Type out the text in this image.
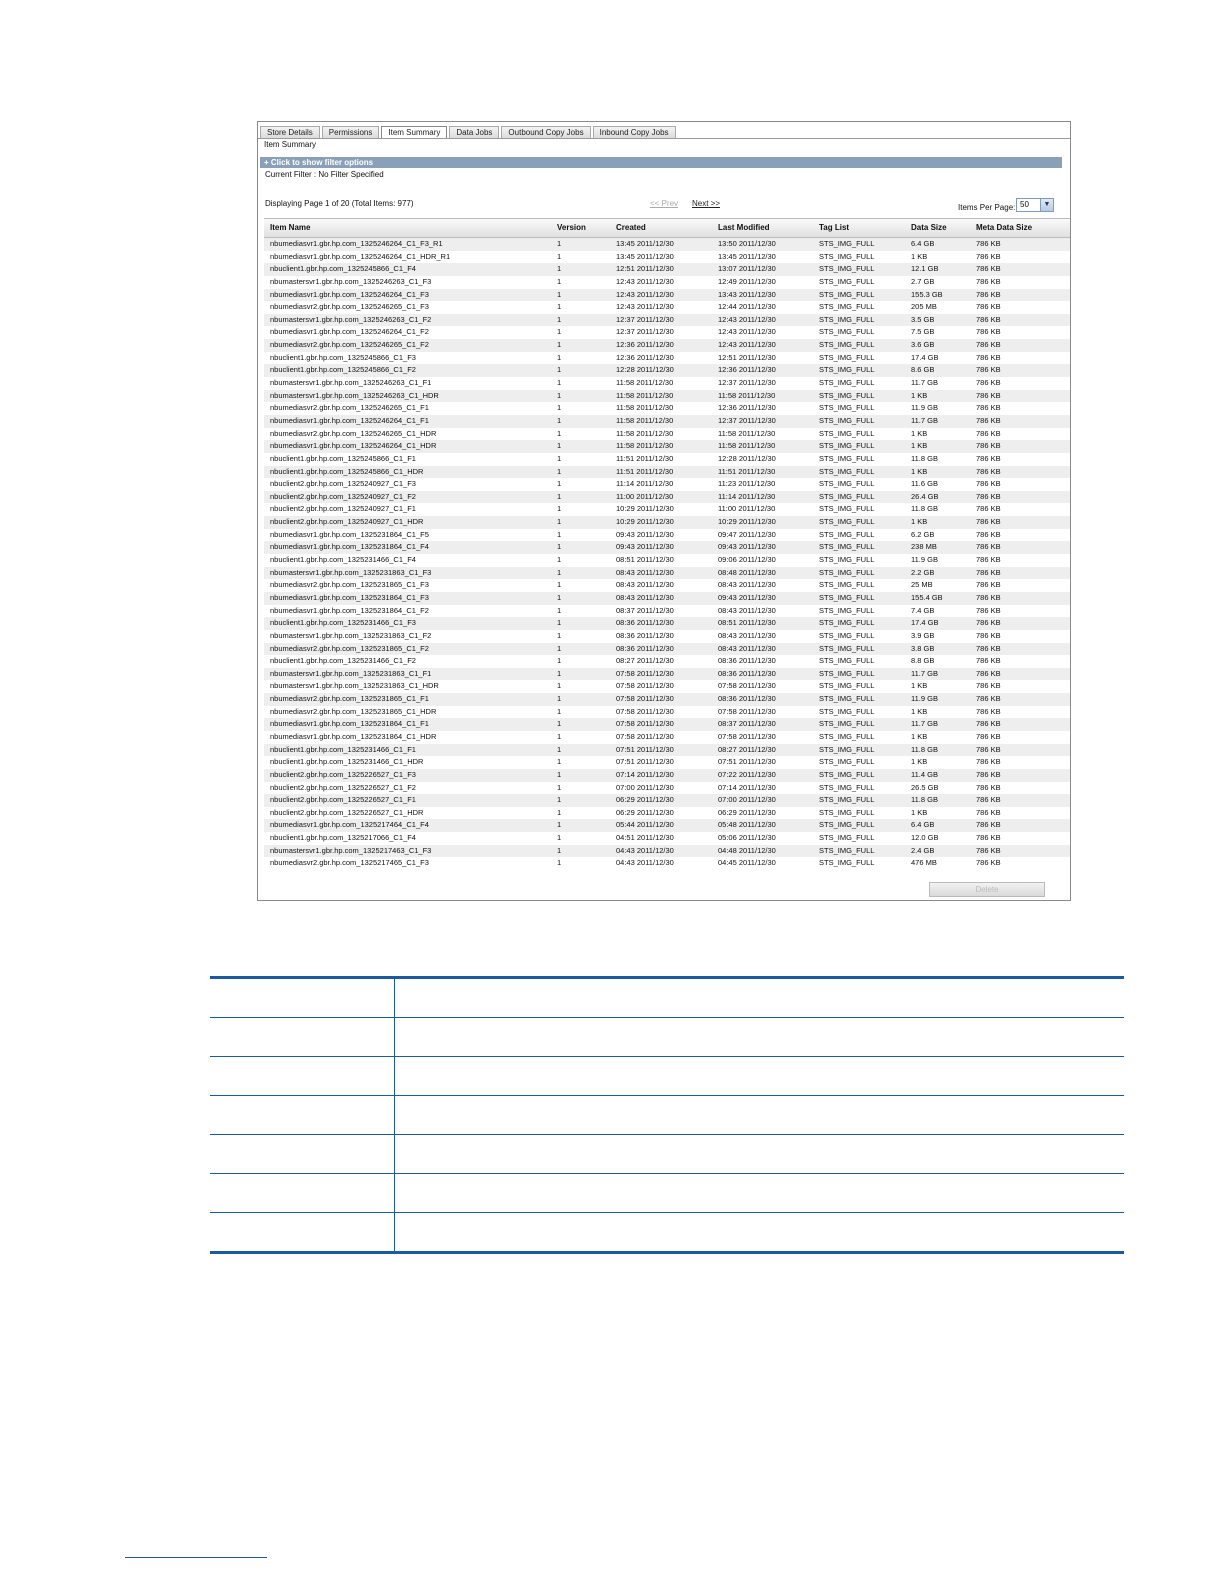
Store Details	Permissions	Item Summary	Data Jobs	Outbound Copy Jobs	Inbound Copy Jobs
Item Summary
+ Click to show filter options
Current Filter : No Filter Specified
Displaying Page 1 of 20 (Total Items: 977)	<< Prev Next >>	Items Per Page: 50	▼
Item Name	Version	Created	Last Modified	Tag List	Data Size	Meta Data Size
nbumediasvr1.gbr.hp.com_1325246264_C1_F3_R1	1	13:45 2011/12/30	13:50 2011/12/30	STS_IMG_FULL	6.4 GB	786 KB
nbumediasvr1.gbr.hp.com_1325246264_C1_HDR_R1	1	13:45 2011/12/30	13:45 2011/12/30	STS_IMG_FULL	1 KB	786 KB
nbuclient1.gbr.hp.com_1325245866_C1_F4	1	12:51 2011/12/30	13:07 2011/12/30	STS_IMG_FULL	12.1 GB	786 KB
nbumastersvr1.gbr.hp.com_1325246263_C1_F3	1	12:43 2011/12/30	12:49 2011/12/30	STS_IMG_FULL	2.7 GB	786 KB
nbumediasvr1.gbr.hp.com_1325246264_C1_F3	1	12:43 2011/12/30	13:43 2011/12/30	STS_IMG_FULL	155.3 GB	786 KB
nbumediasvr2.gbr.hp.com_1325246265_C1_F3	1	12:43 2011/12/30	12:44 2011/12/30	STS_IMG_FULL	205 MB	786 KB
nbumastersvr1.gbr.hp.com_1325246263_C1_F2	1	12:37 2011/12/30	12:43 2011/12/30	STS_IMG_FULL	3.5 GB	786 KB
nbumediasvr1.gbr.hp.com_1325246264_C1_F2	1	12:37 2011/12/30	12:43 2011/12/30	STS_IMG_FULL	7.5 GB	786 KB
nbumediasvr2.gbr.hp.com_1325246265_C1_F2	1	12:36 2011/12/30	12:43 2011/12/30	STS_IMG_FULL	3.6 GB	786 KB
nbuclient1.gbr.hp.com_1325245866_C1_F3	1	12:36 2011/12/30	12:51 2011/12/30	STS_IMG_FULL	17.4 GB	786 KB
nbuclient1.gbr.hp.com_1325245866_C1_F2	1	12:28 2011/12/30	12:36 2011/12/30	STS_IMG_FULL	8.6 GB	786 KB
nbumastersvr1.gbr.hp.com_1325246263_C1_F1	1	11:58 2011/12/30	12:37 2011/12/30	STS_IMG_FULL	11.7 GB	786 KB
nbumastersvr1.gbr.hp.com_1325246263_C1_HDR	1	11:58 2011/12/30	11:58 2011/12/30	STS_IMG_FULL	1 KB	786 KB
nbumediasvr2.gbr.hp.com_1325246265_C1_F1	1	11:58 2011/12/30	12:36 2011/12/30	STS_IMG_FULL	11.9 GB	786 KB
nbumediasvr1.gbr.hp.com_1325246264_C1_F1	1	11:58 2011/12/30	12:37 2011/12/30	STS_IMG_FULL	11.7 GB	786 KB
nbumediasvr2.gbr.hp.com_1325246265_C1_HDR	1	11:58 2011/12/30	11:58 2011/12/30	STS_IMG_FULL	1 KB	786 KB
nbumediasvr1.gbr.hp.com_1325246264_C1_HDR	1	11:58 2011/12/30	11:58 2011/12/30	STS_IMG_FULL	1 KB	786 KB
nbuclient1.gbr.hp.com_1325245866_C1_F1	1	11:51 2011/12/30	12:28 2011/12/30	STS_IMG_FULL	11.8 GB	786 KB
nbuclient1.gbr.hp.com_1325245866_C1_HDR	1	11:51 2011/12/30	11:51 2011/12/30	STS_IMG_FULL	1 KB	786 KB
nbuclient2.gbr.hp.com_1325240927_C1_F3	1	11:14 2011/12/30	11:23 2011/12/30	STS_IMG_FULL	11.6 GB	786 KB
nbuclient2.gbr.hp.com_1325240927_C1_F2	1	11:00 2011/12/30	11:14 2011/12/30	STS_IMG_FULL	26.4 GB	786 KB
nbuclient2.gbr.hp.com_1325240927_C1_F1	1	10:29 2011/12/30	11:00 2011/12/30	STS_IMG_FULL	11.8 GB	786 KB
nbuclient2.gbr.hp.com_1325240927_C1_HDR	1	10:29 2011/12/30	10:29 2011/12/30	STS_IMG_FULL	1 KB	786 KB
nbumediasvr1.gbr.hp.com_1325231864_C1_F5	1	09:43 2011/12/30	09:47 2011/12/30	STS_IMG_FULL	6.2 GB	786 KB
nbumediasvr1.gbr.hp.com_1325231864_C1_F4	1	09:43 2011/12/30	09:43 2011/12/30	STS_IMG_FULL	238 MB	786 KB
nbuclient1.gbr.hp.com_1325231466_C1_F4	1	08:51 2011/12/30	09:06 2011/12/30	STS_IMG_FULL	11.9 GB	786 KB
nbumastersvr1.gbr.hp.com_1325231863_C1_F3	1	08:43 2011/12/30	08:48 2011/12/30	STS_IMG_FULL	2.2 GB	786 KB
nbumediasvr2.gbr.hp.com_1325231865_C1_F3	1	08:43 2011/12/30	08:43 2011/12/30	STS_IMG_FULL	25 MB	786 KB
nbumediasvr1.gbr.hp.com_1325231864_C1_F3	1	08:43 2011/12/30	09:43 2011/12/30	STS_IMG_FULL	155.4 GB	786 KB
nbumediasvr1.gbr.hp.com_1325231864_C1_F2	1	08:37 2011/12/30	08:43 2011/12/30	STS_IMG_FULL	7.4 GB	786 KB
nbuclient1.gbr.hp.com_1325231466_C1_F3	1	08:36 2011/12/30	08:51 2011/12/30	STS_IMG_FULL	17.4 GB	786 KB
nbumastersvr1.gbr.hp.com_1325231863_C1_F2	1	08:36 2011/12/30	08:43 2011/12/30	STS_IMG_FULL	3.9 GB	786 KB
nbumediasvr2.gbr.hp.com_1325231865_C1_F2	1	08:36 2011/12/30	08:43 2011/12/30	STS_IMG_FULL	3.8 GB	786 KB
nbuclient1.gbr.hp.com_1325231466_C1_F2	1	08:27 2011/12/30	08:36 2011/12/30	STS_IMG_FULL	8.8 GB	786 KB
nbumastersvr1.gbr.hp.com_1325231863_C1_F1	1	07:58 2011/12/30	08:36 2011/12/30	STS_IMG_FULL	11.7 GB	786 KB
nbumastersvr1.gbr.hp.com_1325231863_C1_HDR	1	07:58 2011/12/30	07:58 2011/12/30	STS_IMG_FULL	1 KB	786 KB
nbumediasvr2.gbr.hp.com_1325231865_C1_F1	1	07:58 2011/12/30	08:36 2011/12/30	STS_IMG_FULL	11.9 GB	786 KB
nbumediasvr2.gbr.hp.com_1325231865_C1_HDR	1	07:58 2011/12/30	07:58 2011/12/30	STS_IMG_FULL	1 KB	786 KB
nbumediasvr1.gbr.hp.com_1325231864_C1_F1	1	07:58 2011/12/30	08:37 2011/12/30	STS_IMG_FULL	11.7 GB	786 KB
nbumediasvr1.gbr.hp.com_1325231864_C1_HDR	1	07:58 2011/12/30	07:58 2011/12/30	STS_IMG_FULL	1 KB	786 KB
nbuclient1.gbr.hp.com_1325231466_C1_F1	1	07:51 2011/12/30	08:27 2011/12/30	STS_IMG_FULL	11.8 GB	786 KB
nbuclient1.gbr.hp.com_1325231466_C1_HDR	1	07:51 2011/12/30	07:51 2011/12/30	STS_IMG_FULL	1 KB	786 KB
nbuclient2.gbr.hp.com_1325226527_C1_F3	1	07:14 2011/12/30	07:22 2011/12/30	STS_IMG_FULL	11.4 GB	786 KB
nbuclient2.gbr.hp.com_1325226527_C1_F2	1	07:00 2011/12/30	07:14 2011/12/30	STS_IMG_FULL	26.5 GB	786 KB
nbuclient2.gbr.hp.com_1325226527_C1_F1	1	06:29 2011/12/30	07:00 2011/12/30	STS_IMG_FULL	11.8 GB	786 KB
nbuclient2.gbr.hp.com_1325226527_C1_HDR	1	06:29 2011/12/30	06:29 2011/12/30	STS_IMG_FULL	1 KB	786 KB
nbumediasvr1.gbr.hp.com_1325217464_C1_F4	1	05:44 2011/12/30	05:48 2011/12/30	STS_IMG_FULL	6.4 GB	786 KB
nbuclient1.gbr.hp.com_1325217066_C1_F4	1	04:51 2011/12/30	05:06 2011/12/30	STS_IMG_FULL	12.0 GB	786 KB
nbumastersvr1.gbr.hp.com_1325217463_C1_F3	1	04:43 2011/12/30	04:48 2011/12/30	STS_IMG_FULL	2.4 GB	786 KB
nbumediasvr2.gbr.hp.com_1325217465_C1_F3	1	04:43 2011/12/30	04:45 2011/12/30	STS_IMG_FULL	476 MB	786 KB
Delete
